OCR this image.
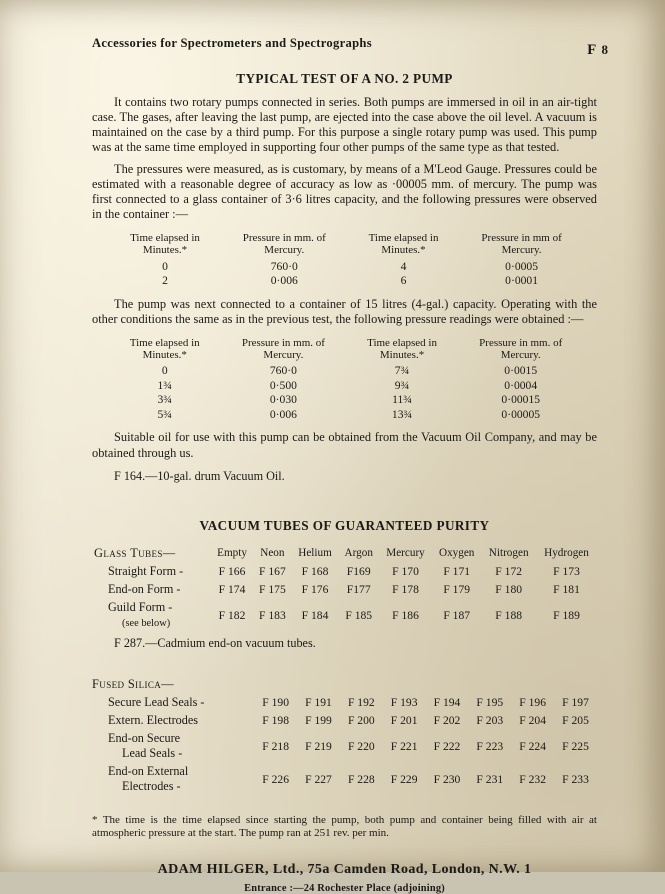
Accessories for Spectrometers and Spectrographs	F 8
TYPICAL TEST OF A NO. 2 PUMP

It contains two rotary pumps connected in series. Both pumps are immersed in oil in an air-tight case. The gases, after leaving the last pump, are ejected into the case above the oil level. A vacuum is maintained on the case by a third pump. For this purpose a single rotary pump was used. This pump was at the same time employed in supporting four other pumps of the same type as that tested.

The pressures were measured, as is customary, by means of a M'Leod Gauge. Pressures could be estimated with a reasonable degree of accuracy as low as ·00005 mm. of mercury. The pump was first connected to a glass container of 3·6 litres capacity, and the following pressures were observed in the container :—

Time elapsed in Minutes.*	Pressure in mm. of Mercury.	Time elapsed in Minutes.*	Pressure in mm of Mercury.
0	760·0	4	0·0005
2	0·006	6	0·0001

The pump was next connected to a container of 15 litres (4-gal.) capacity. Operating with the other conditions the same as in the previous test, the following pressure readings were obtained :—

Time elapsed in Minutes.*	Pressure in mm. of Mercury.	Time elapsed in Minutes.*	Pressure in mm. of Mercury.
0	760·0	7¾	0·0015
1¾	0·500	9¾	0·0004
3¾	0·030	11¾	0·00015
5¾	0·006	13¾	0·00005

Suitable oil for use with this pump can be obtained from the Vacuum Oil Company, and may be obtained through us.

F 164.—10-gal. drum Vacuum Oil.

VACUUM TUBES OF GUARANTEED PURITY
Glass Tubes—	Empty	Neon	Helium	Argon	Mercury	Oxygen	Nitrogen	Hydrogen
Straight Form -	F 166	F 167	F 168	F169	F 170	F 171	F 172	F 173
End-on Form -	F 174	F 175	F 176	F177	F 178	F 179	F 180	F 181
Guild Form -
(see below)	F 182	F 183	F 184	F 185	F 186	F 187	F 188	F 189

F 287.—Cadmium end-on vacuum tubes.

Fused Silica—
Secure Lead Seals -	F 190	F 191	F 192	F 193	F 194	F 195	F 196	F 197
Extern. Electrodes	F 198	F 199	F 200	F 201	F 202	F 203	F 204	F 205
End-on Secure
Lead Seals -	F 218	F 219	F 220	F 221	F 222	F 223	F 224	F 225
End-on External
Electrodes -	F 226	F 227	F 228	F 229	F 230	F 231	F 232	F 233

* The time is the time elapsed since starting the pump, both pump and container being filled with air at atmospheric pressure at the start. The pump ran at 251 rev. per min.

ADAM HILGER, Ltd., 75a Camden Road, London, N.W. 1
Entrance :—24 Rochester Place (adjoining)
